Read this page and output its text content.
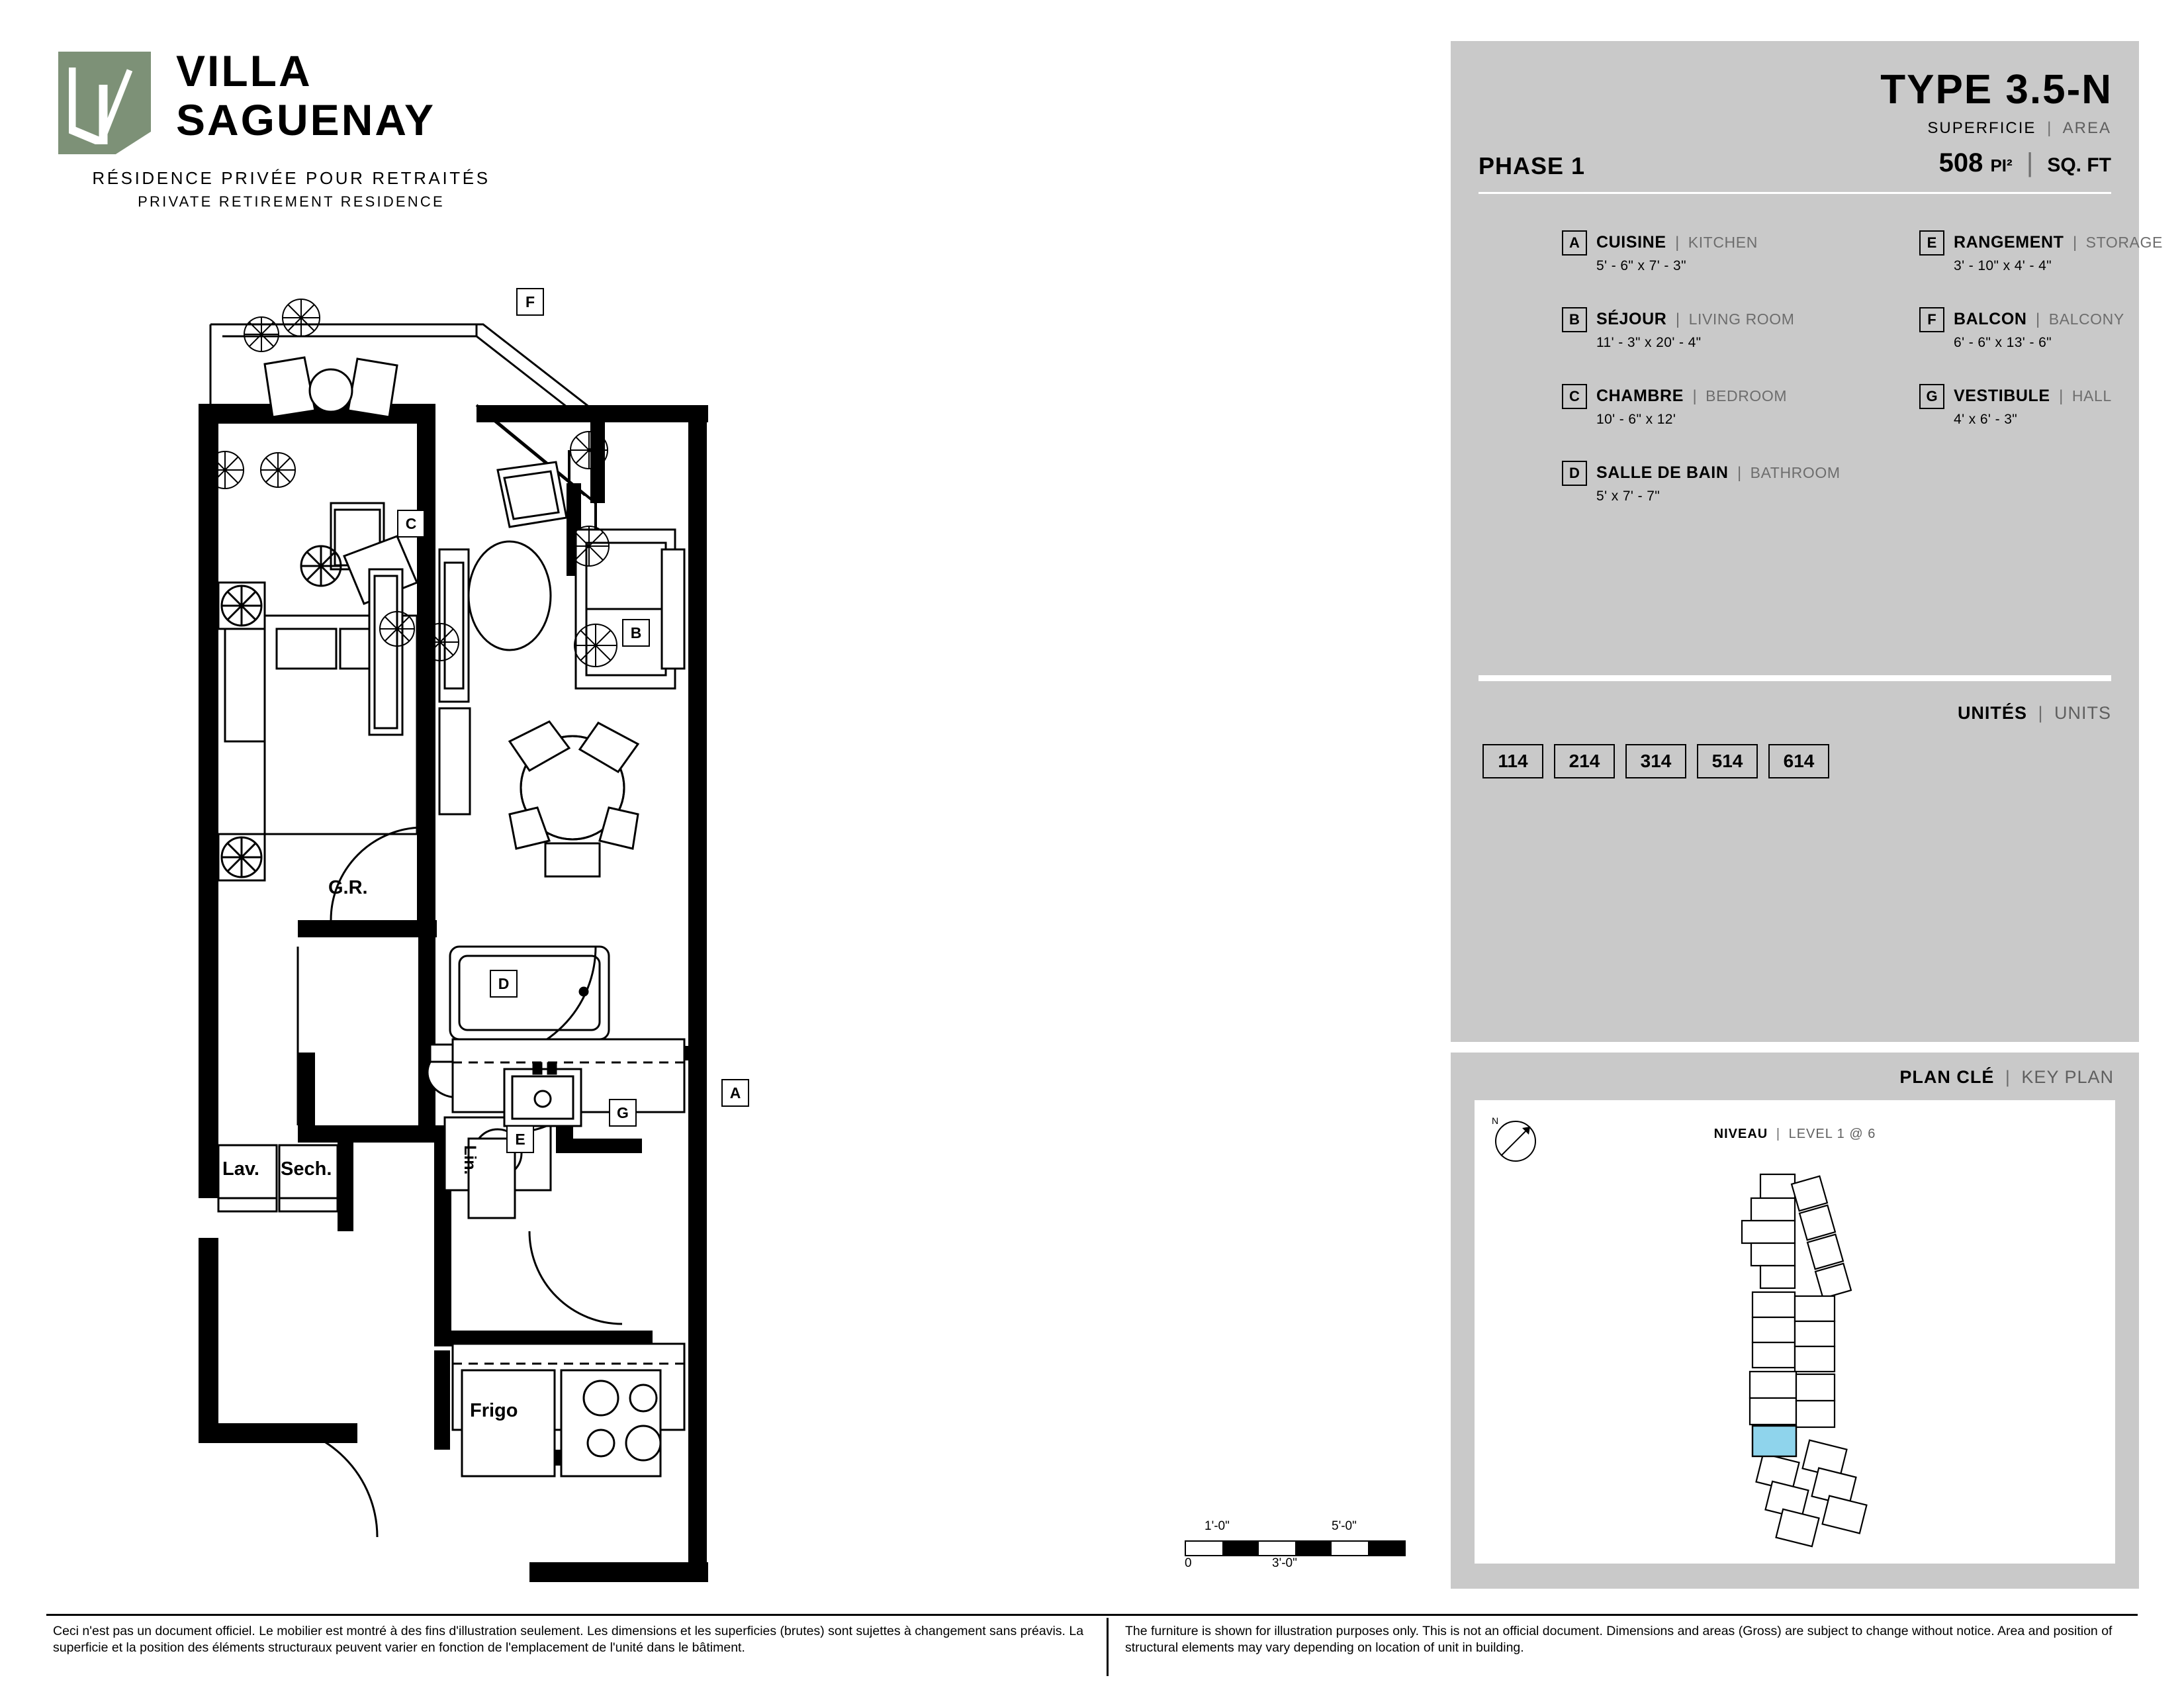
VILLA
SAGUENAY
RÉSIDENCE PRIVÉE POUR RETRAITÉS
PRIVATE RETIREMENT RESIDENCE
TYPE 3.5-N
SUPERFICIE | AREA
PHASE 1	508 PI² | SQ. FT
A	CUISINE | KITCHEN
5' - 6" x 7' - 3"
B	SÉJOUR | LIVING ROOM
11' - 3" x 20' - 4"
C	CHAMBRE | BEDROOM
10' - 6" x 12'
D	SALLE DE BAIN | BATHROOM
5' x 7' - 7"
E	RANGEMENT | STORAGE
3' - 10" x 4' - 4"
F	BALCON | BALCONY
6' - 6" x 13' - 6"
G VESTIBULE | HALL
4' x 6' - 3"
UNITÉS | UNITS
114	214	314	514	614
PLAN CLÉ | KEY PLAN
NIVEAU | LEVEL 1 @ 6
N
F
C
B
D
A
G
E
G.R.
Lav. Sech.	Lin.
Frigo
1'-0"	5'-0"
0	3'-0"
Ceci n'est pas un document officiel. Le mobilier est montré à des fins d'illustration seulement. Les dimensions et les superficies (brutes) sont sujettes à changement sans préavis. La superficie et la position des éléments structuraux peuvent varier en fonction de l'emplacement de l'unité dans le bâtiment.
The furniture is shown for illustration purposes only. This is not an official document. Dimensions and areas (Gross) are subject to change without notice. Area and position of structural elements may vary depending on location of unit in building.
